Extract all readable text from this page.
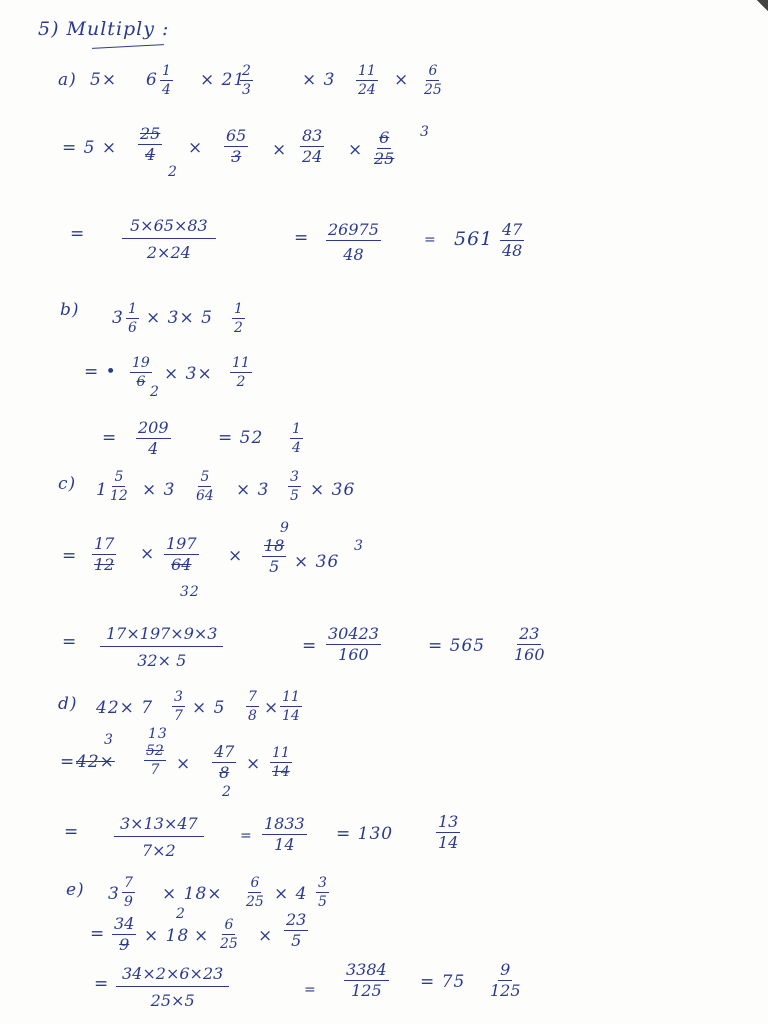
5) Multiply :
a) $5\times 6 \frac{1}{4} \times 21$
$\frac{2}{3}$	× $3 \frac{11}{24} \times \frac{6}{25}$
= $5 \times \frac{25}{4}$
2
× $\frac{65}{3} \times \frac{83}{24} \times \frac{6}{25} 3$
= $\frac{5\times 65\times 83}{2\times 24}$	= $\frac{26975}{48}$	= $561 \frac{47}{48}$
b) $3 \frac{1}{6} \times 3\times 5 \frac{1}{2}$
= • $\frac{19}{6}$
2
× $3\times \frac{11}{2}$
= $\frac{209}{4}$	= $52 \frac{1}{4}$
c) $1 \frac{5}{12} \times 3 \frac{5}{64} \times 3 \frac{3}{5} \times 36$
= $\frac{17}{12} \times \frac{197}{64}$
32
×
9
$\frac{18}{5} \times 36$
3
= $\frac{17\times 197\times 9\times 3}{32\times 5}$	= $\frac{30423}{160}$	= $565 \frac{23}{160}$
d) $42\times 7 \frac{3}{7} \times 5 \frac{7}{8} \times \frac{11}{14}$
=
3
42×
13
$\frac{52}{7} \times \frac{47}{8}$
2
× $\frac{11}{14}$
= $\frac{3\times 13\times 47}{7\times 2}$	= $\frac{1833}{14} = 130$	$\frac{13}{14}$
e) $3 \frac{7}{9} \times 18\times \frac{6}{25} \times 4 \frac{3}{5}$
= $\frac{34}{9}$
2
× $18 \times \frac{6}{25} \times \frac{23}{5}$
= $\frac{34\times 2\times 6\times 23}{25\times 5}$	= $\frac{3384}{125} = 75 \frac{9}{125}$
